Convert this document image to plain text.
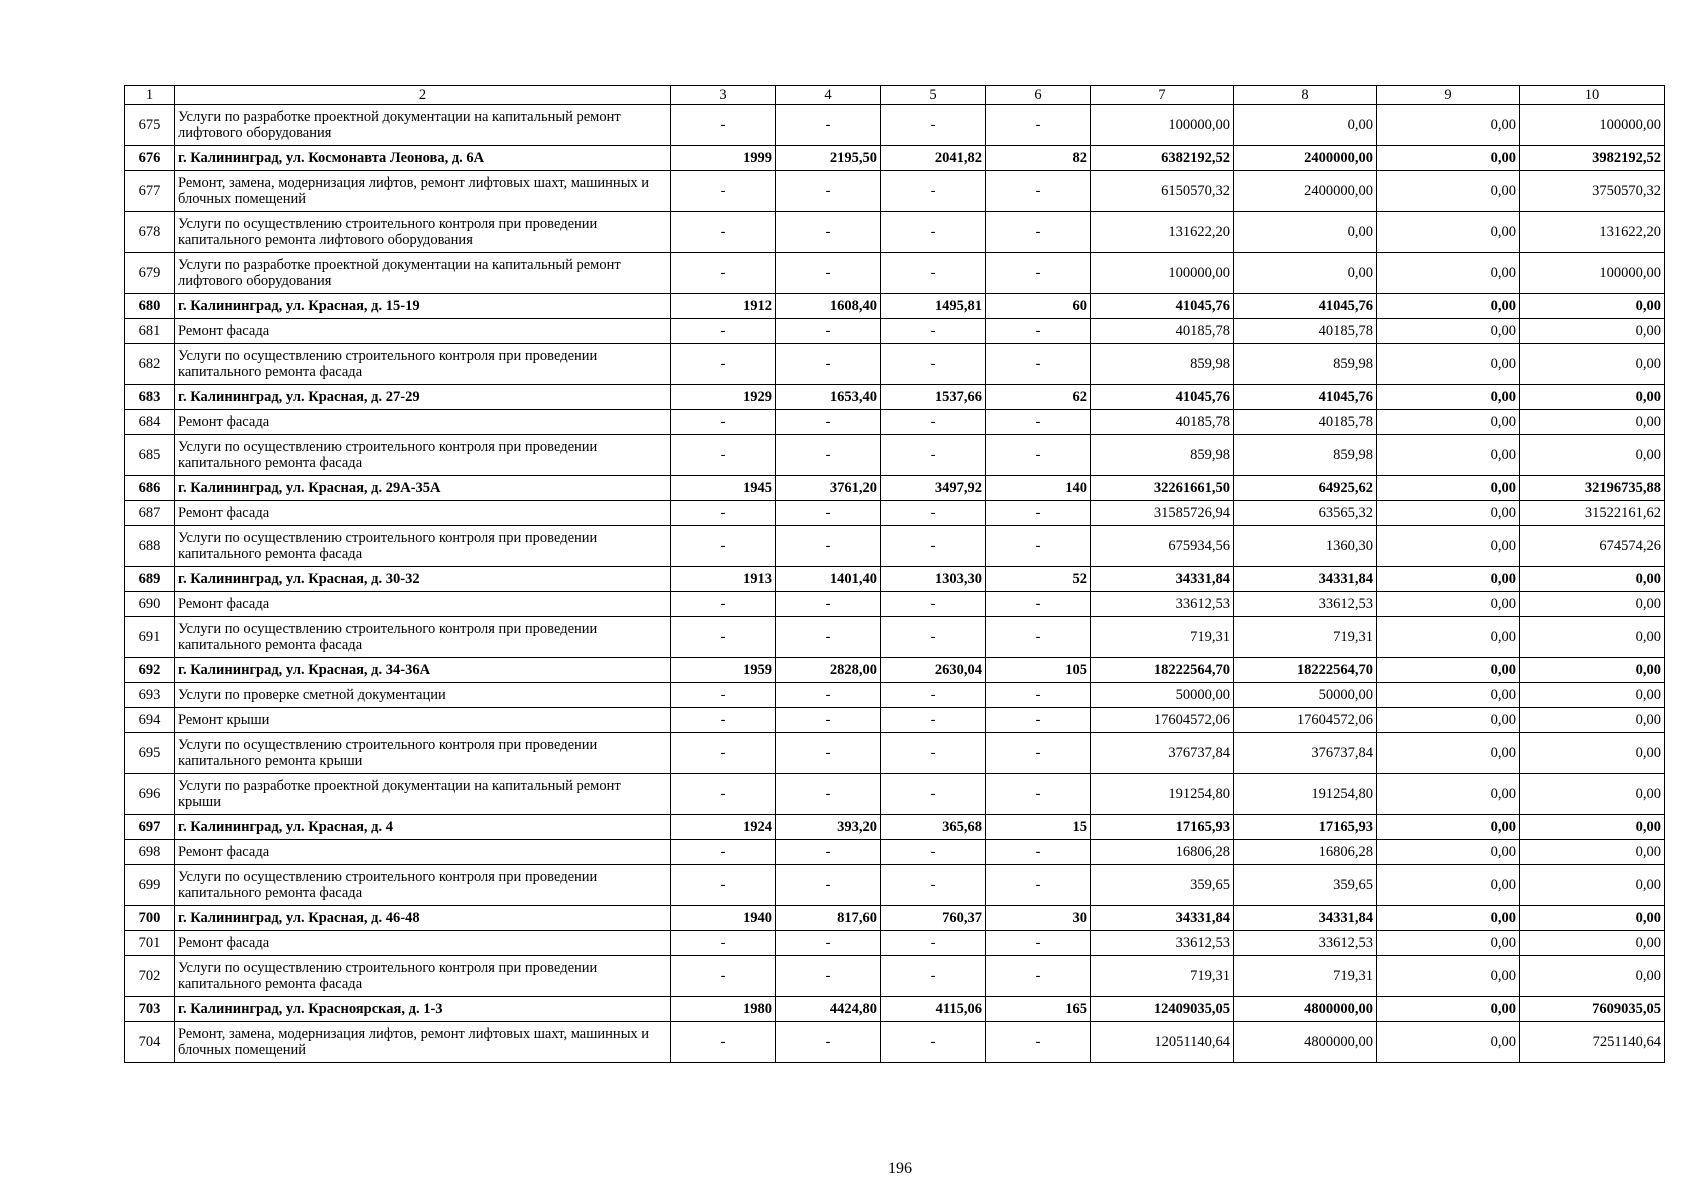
1	2	3	4	5	6	7	8	9	10
675	Услуги по разработке проектной документации на капитальный ремонт лифтового оборудования	-	-	-	-	100000,00	0,00	0,00	100000,00
676	г. Калининград, ул. Космонавта Леонова, д. 6А	1999	2195,50	2041,82	82	6382192,52	2400000,00	0,00	3982192,52
677	Ремонт, замена, модернизация лифтов, ремонт лифтовых шахт, машинных и блочных помещений	-	-	-	-	6150570,32	2400000,00	0,00	3750570,32
678	Услуги по осуществлению строительного контроля при проведении капитального ремонта лифтового оборудования	-	-	-	-	131622,20	0,00	0,00	131622,20
679	Услуги по разработке проектной документации на капитальный ремонт лифтового оборудования	-	-	-	-	100000,00	0,00	0,00	100000,00
680	г. Калининград, ул. Красная, д. 15-19	1912	1608,40	1495,81	60	41045,76	41045,76	0,00	0,00
681	Ремонт фасада	-	-	-	-	40185,78	40185,78	0,00	0,00
682	Услуги по осуществлению строительного контроля при проведении капитального ремонта фасада	-	-	-	-	859,98	859,98	0,00	0,00
683	г. Калининград, ул. Красная, д. 27-29	1929	1653,40	1537,66	62	41045,76	41045,76	0,00	0,00
684	Ремонт фасада	-	-	-	-	40185,78	40185,78	0,00	0,00
685	Услуги по осуществлению строительного контроля при проведении капитального ремонта фасада	-	-	-	-	859,98	859,98	0,00	0,00
686	г. Калининград, ул. Красная, д. 29А-35А	1945	3761,20	3497,92	140	32261661,50	64925,62	0,00	32196735,88
687	Ремонт фасада	-	-	-	-	31585726,94	63565,32	0,00	31522161,62
688	Услуги по осуществлению строительного контроля при проведении капитального ремонта фасада	-	-	-	-	675934,56	1360,30	0,00	674574,26
689	г. Калининград, ул. Красная, д. 30-32	1913	1401,40	1303,30	52	34331,84	34331,84	0,00	0,00
690	Ремонт фасада	-	-	-	-	33612,53	33612,53	0,00	0,00
691	Услуги по осуществлению строительного контроля при проведении капитального ремонта фасада	-	-	-	-	719,31	719,31	0,00	0,00
692	г. Калининград, ул. Красная, д. 34-36А	1959	2828,00	2630,04	105	18222564,70	18222564,70	0,00	0,00
693	Услуги по проверке сметной документации	-	-	-	-	50000,00	50000,00	0,00	0,00
694	Ремонт крыши	-	-	-	-	17604572,06	17604572,06	0,00	0,00
695	Услуги по осуществлению строительного контроля при проведении капитального ремонта крыши	-	-	-	-	376737,84	376737,84	0,00	0,00
696	Услуги по разработке проектной документации на капитальный ремонт крыши	-	-	-	-	191254,80	191254,80	0,00	0,00
697	г. Калининград, ул. Красная, д. 4	1924	393,20	365,68	15	17165,93	17165,93	0,00	0,00
698	Ремонт фасада	-	-	-	-	16806,28	16806,28	0,00	0,00
699	Услуги по осуществлению строительного контроля при проведении капитального ремонта фасада	-	-	-	-	359,65	359,65	0,00	0,00
700	г. Калининград, ул. Красная, д. 46-48	1940	817,60	760,37	30	34331,84	34331,84	0,00	0,00
701	Ремонт фасада	-	-	-	-	33612,53	33612,53	0,00	0,00
702	Услуги по осуществлению строительного контроля при проведении капитального ремонта фасада	-	-	-	-	719,31	719,31	0,00	0,00
703	г. Калининград, ул. Красноярская, д. 1-3	1980	4424,80	4115,06	165	12409035,05	4800000,00	0,00	7609035,05
704	Ремонт, замена, модернизация лифтов, ремонт лифтовых шахт, машинных и блочных помещений	-	-	-	-	12051140,64	4800000,00	0,00	7251140,64
196
